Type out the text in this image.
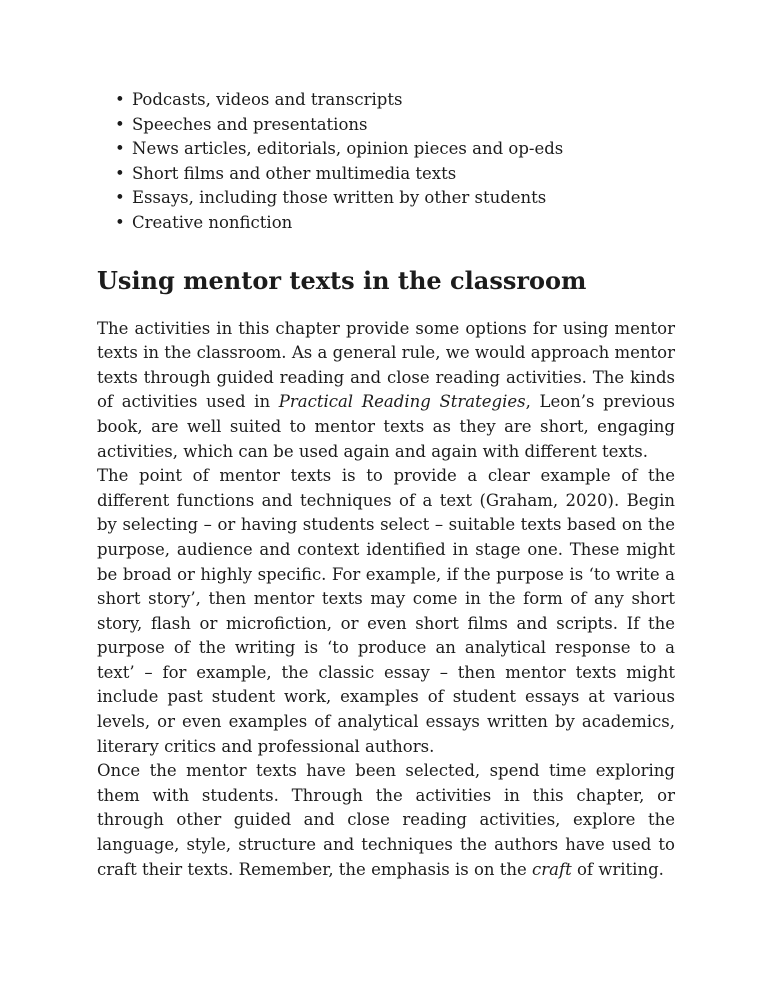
• Podcasts, videos and transcripts
• Speeches and presentations
• News articles, editorials, opinion pieces and op-eds
• Short films and other multimedia texts
• Essays, including those written by other students
• Creative nonfiction
Using mentor texts in the classroom

The activities in this chapter provide some options for using mentor texts in the classroom. As a general rule, we would approach mentor texts through guided reading and close reading activities. The kinds of activities used in Practical Reading Strategies, Leon’s previous book, are well suited to mentor texts as they are short, engaging activities, which can be used again and again with different texts.

The point of mentor texts is to provide a clear example of the different functions and techniques of a text (Graham, 2020). Begin by selecting – or having students select – suitable texts based on the purpose, audience and context identified in stage one. These might be broad or highly specific. For example, if the purpose is ‘to write a short story’, then mentor texts may come in the form of any short story, flash or microfiction, or even short films and scripts. If the purpose of the writing is ‘to produce an analytical response to a text’ – for example, the classic essay – then mentor texts might include past student work, examples of student essays at various levels, or even examples of analytical essays written by academics, literary critics and professional authors.

Once the mentor texts have been selected, spend time exploring them with students. Through the activities in this chapter, or through other guided and close reading activities, explore the language, style, structure and techniques the authors have used to craft their texts. Remember, the emphasis is on the craft of writing.
